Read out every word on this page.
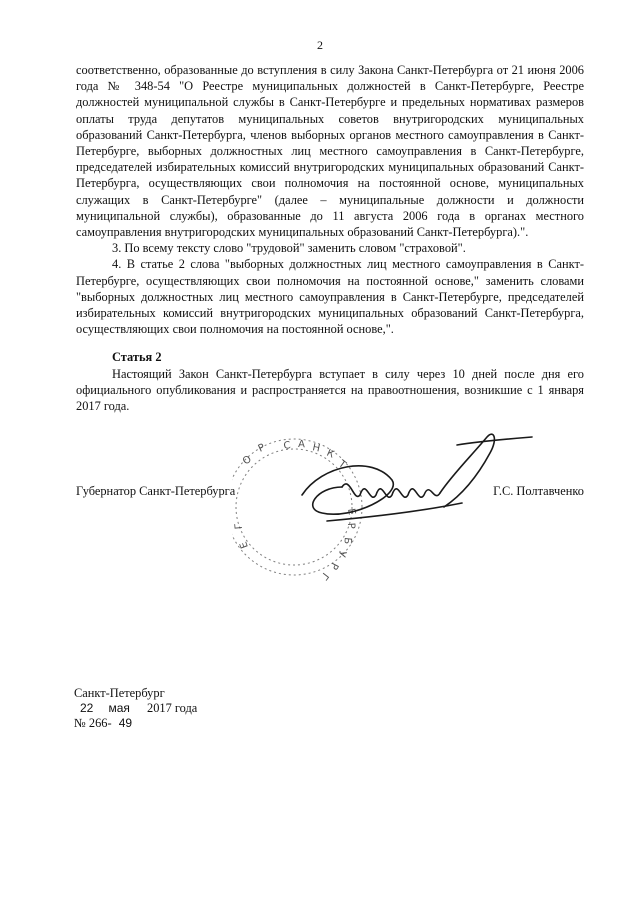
2

соответственно, образованные до вступления в силу Закона Санкт-Петербурга от 21 июня 2006 года № 348-54 "О Реестре муниципальных должностей в Санкт-Петербурге, Реестре должностей муниципальной службы в Санкт-Петербурге и предельных нормативах размеров оплаты труда депутатов муниципальных советов внутригородских муниципальных образований Санкт-Петербурга, членов выборных органов местного самоуправления в Санкт-Петербурге, выборных должностных лиц местного самоуправления в Санкт-Петербурге, председателей избирательных комиссий внутригородских муниципальных образований Санкт-Петербурга, осуществляющих свои полномочия на постоянной основе, муниципальных служащих в Санкт-Петербурге" (далее – муниципальные должности и должности муниципальной службы), образованные до 11 августа 2006 года в органах местного самоуправления внутригородских муниципальных образований Санкт-Петербурга).".

3. По всему тексту слово "трудовой" заменить словом "страховой".

4. В статье 2 слова "выборных должностных лиц местного самоуправления в Санкт-Петербурге, осуществляющих свои полномочия на постоянной основе," заменить словами "выборных должностных лиц местного самоуправления в Санкт-Петербурге, председателей избирательных комиссий внутригородских муниципальных образований Санкт-Петербурга, осуществляющих свои полномочия на постоянной основе,".

Статья 2

Настоящий Закон Санкт-Петербурга вступает в силу через 10 дней после дня его официального опубликования и распространяется на правоотношения, возникшие с 1 января 2017 года.

О
Р С А Н К
Т
Е
Р
Б
У
Р
Г
Г
Е
Губернатор Санкт-Петербурга	Г.С. Полтавченко
Санкт-Петербург
22 мая 2017 года
№ 266- 49
